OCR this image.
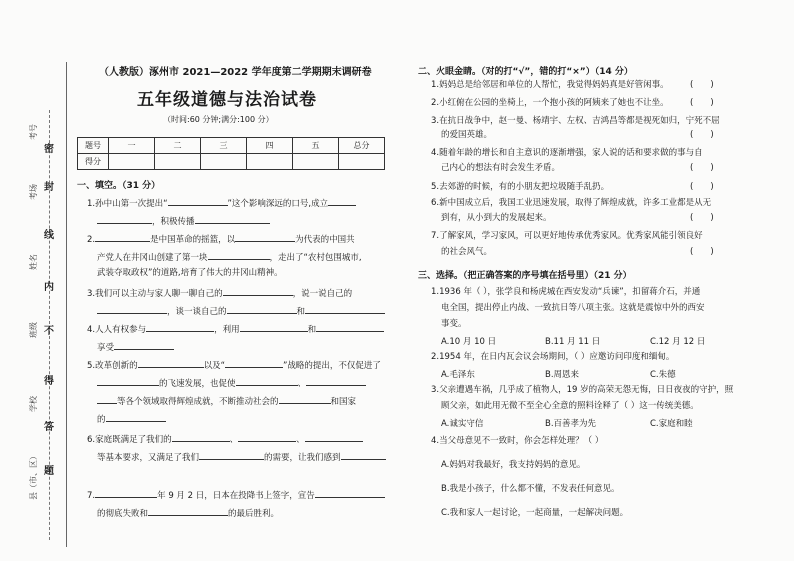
考号
考场
姓名
班级
学校
县（市、区）
密
封
线
内
不
得
答
题
（人教版）涿州市 2021—2022 学年度第二学期期末调研卷
五年级道德与法治试卷
（时间:60 分钟;满分:100 分）
题号	一	二	三	四	五	总分
得分						
一、填空。（31 分）
1.孙中山第一次提出“	”这个影响深远的口号,成立
，积极传播
2.	是中国革命的摇篮，以	为代表的中国共
产党人在井冈山创建了第一块	，走出了“农村包围城市,
武装夺取政权”的道路,培育了伟大的井冈山精神。
3.我们可以主动与家人聊一聊自己的	，说一说自己的
，谈一谈自己的	和
4.人人有权参与	，利用	和
享受
5.改革创新的	以及“	”战略的提出，不仅促进了
的飞速发展，也促使	、
等各个领域取得辉煌成就，不断推动社会的	和国家
的
6.家庭既满足了我们的	、	、
等基本要求，又满足了我们	的需要，让我们感到
7.	年 9 月 2 日，日本在投降书上签字，宣告
的彻底失败和	的最后胜利。
二、火眼金睛。（对的打“√”，错的打“×”）（14 分）
1.妈妈总是给邻居和单位的人帮忙，我觉得妈妈真是好管闲事。	(　　)
2.小红俯在公园的坐椅上，一个抱小孩的阿姨来了她也不让坐。	(　　)
3.在抗日战争中，赵一曼、杨靖宇、左权、吉鸿昌等都是视死如归，宁死不屈
的爱国英雄。	(　　)
4.随着年龄的增长和自主意识的逐渐增强，家人说的话和要求做的事与自
己内心的想法有时会发生矛盾。	(　　)
5.去郊游的时候，有的小朋友把垃圾随手乱扔。	(　　)
6.新中国成立后，我国工业迅速发展，取得了辉煌成就，许多工业都是从无
到有，从小到大的发展起来。	(　　)
7.了解家风，学习家风，可以更好地传承优秀家风。优秀家风能引领良好
的社会风气。	(　　)
三、选择。（把正确答案的序号填在括号里）（21 分）
1.1936 年（ ），张学良和杨虎城在西安发动“兵谏”，扣留蒋介石，并通
电全国，提出停止内战、一致抗日等八项主张。这就是震惊中外的西安
事变。
A.10 月 10 日	B.11 月 11 日	C.12 月 12 日
2.1954 年，在日内瓦会议会场期间，（ ）应邀访问印度和缅甸。
A.毛泽东	B.周恩来	C.朱德
3.父亲遭遇车祸，几乎成了植物人，19 岁的高荣无怨无悔，日日夜夜的守护，照
顾父亲，如此用无微不至全心全意的照料诠释了（ ）这一传统美德。
A.诚实守信	B.百善孝为先	C.家庭和睦
4.当父母意见不一致时，你会怎样处理？（ ）
A.妈妈对我最好，我支持妈妈的意见。
B.我是小孩子，什么都不懂，不发表任何意见。
C.我和家人一起讨论，一起商量，一起解决问题。
